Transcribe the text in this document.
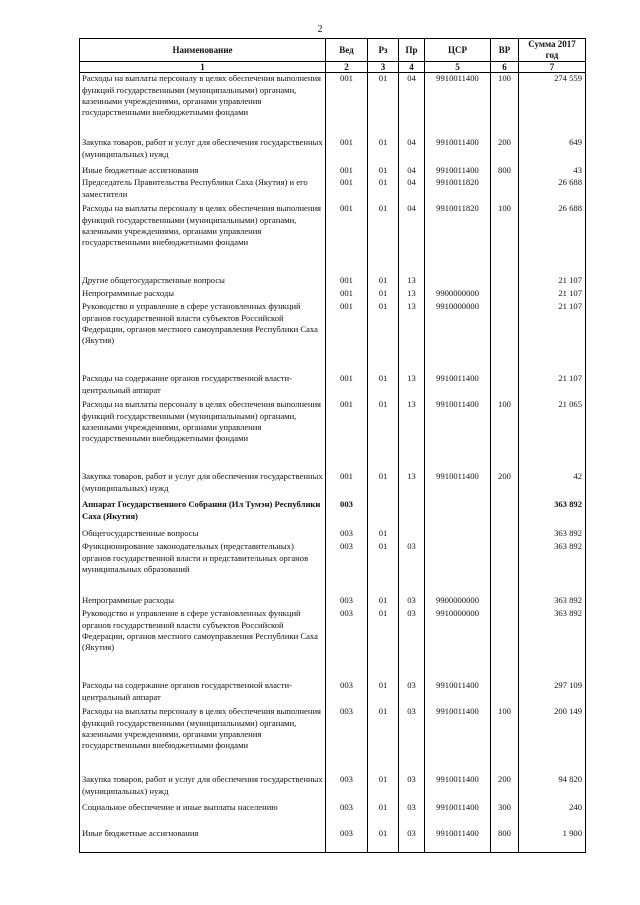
2
Наименование	Вед	Рз	Пр	ЦСР	ВР	Сумма 2017 год
1	2	3	4	5	6	7
Расходы на выплаты персоналу в целях обеспечения выполнения функций государственными (муниципальными) органами, казенными учреждениями, органами управления государственными внебюджетными фондами	001	01	04	9910011400	100	274 559
Закупка товаров, работ и услуг для обеспечения государственных (муниципальных) нужд	001	01	04	9910011400	200	649
Иные бюджетные ассигнования	001	01	04	9910011400	800	43
Председатель Правительства Республики Саха (Якутия) и его заместители	001	01	04	9910011820		26 688
Расходы на выплаты персоналу в целях обеспечения выполнения функций государственными (муниципальными) органами, казенными учреждениями, органами управления государственными внебюджетными фондами	001	01	04	9910011820	100	26 688
Другие общегосударственные вопросы	001	01	13			21 107
Непрограммные расходы	001	01	13	9900000000		21 107
Руководство и управление в сфере установленных функций органов государственной власти субъектов Российской Федерации, органов местного самоуправления Республики Саха (Якутия)	001	01	13	9910000000		21 107
Расходы на содержание органов государственной власти- центральный аппарат	001	01	13	9910011400		21 107
Расходы на выплаты персоналу в целях обеспечения выполнения функций государственными (муниципальными) органами, казенными учреждениями, органами управления государственными внебюджетными фондами	001	01	13	9910011400	100	21 065
Закупка товаров, работ и услуг для обеспечения государственных (муниципальных) нужд	001	01	13	9910011400	200	42
Аппарат Государственного Собрания (Ил Тумэн) Республики Саха (Якутия)	003					363 892
Общегосударственные вопросы	003	01				363 892
Функционирование законодательных (представительных) органов государственной власти и представительных органов муниципальных образований	003	01	03			363 892
Непрограммные расходы	003	01	03	9900000000		363 892
Руководство и управление в сфере установленных функций органов государственной власти субъектов Российской Федерации, органов местного самоуправления Республики Саха (Якутия)	003	01	03	9910000000		363 892
Расходы на содержание органов государственной власти- центральный аппарат	003	01	03	9910011400		297 109
Расходы на выплаты персоналу в целях обеспечения выполнения функций государственными (муниципальными) органами, казенными учреждениями, органами управления государственными внебюджетными фондами	003	01	03	9910011400	100	200 149
Закупка товаров, работ и услуг для обеспечения государственных (муниципальных) нужд	003	01	03	9910011400	200	94 820
Социальное обеспечение и иные выплаты населению	003	01	03	9910011400	300	240
Иные бюджетные ассигнования	003	01	03	9910011400	800	1 900
